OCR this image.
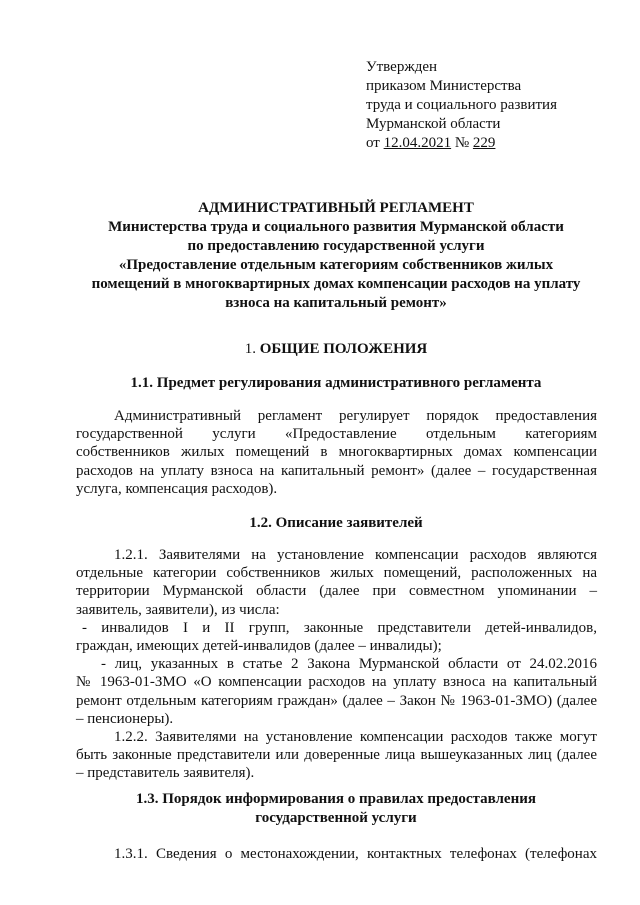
Утвержден
приказом Министерства
труда и социального развития
Мурманской области
от 12.04.2021 № 229
АДМИНИСТРАТИВНЫЙ РЕГЛАМЕНТ
Министерства труда и социального развития Мурманской области
по предоставлению государственной услуги
«Предоставление отдельным категориям собственников жилых
помещений в многоквартирных домах компенсации расходов на уплату
взноса на капитальный ремонт»
1. ОБЩИЕ ПОЛОЖЕНИЯ
1.1. Предмет регулирования административного регламента
Административный регламент регулирует порядок предоставления
государственной услуги «Предоставление отдельным категориям
собственников жилых помещений в многоквартирных домах компенсации
расходов на уплату взноса на капитальный ремонт» (далее – государственная
услуга, компенсация расходов).
1.2. Описание заявителей
1.2.1. Заявителями на установление компенсации расходов являются
отдельные категории собственников жилых помещений, расположенных на
территории Мурманской области (далее при совместном упоминании –
заявитель, заявители), из числа:
- инвалидов I и II групп, законные представители детей-инвалидов,
граждан, имеющих детей-инвалидов (далее – инвалиды);
- лиц, указанных в статье 2 Закона Мурманской области от 24.02.2016
№ 1963-01-ЗМО «О компенсации расходов на уплату взноса на капитальный
ремонт отдельным категориям граждан» (далее – Закон № 1963-01-ЗМО) (далее
– пенсионеры).
1.2.2. Заявителями на установление компенсации расходов также могут
быть законные представители или доверенные лица вышеуказанных лиц (далее
– представитель заявителя).
1.3. Порядок информирования о правилах предоставления
государственной услуги
1.3.1. Сведения о местонахождении, контактных телефонах (телефонах
